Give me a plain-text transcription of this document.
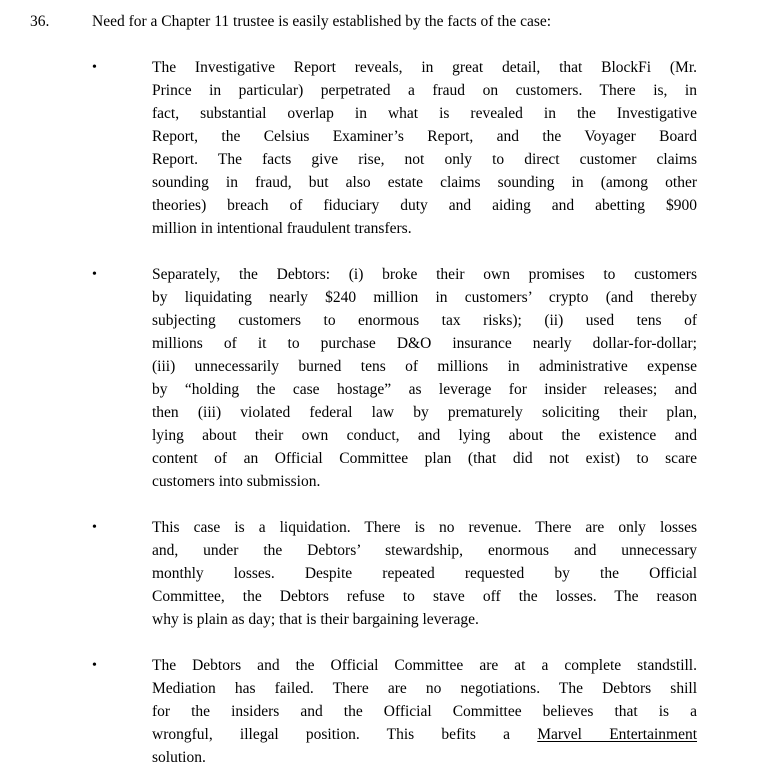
36.	Need for a Chapter 11 trustee is easily established by the facts of the case:
•	The Investigative Report reveals, in great detail, that BlockFi (Mr.
Prince in particular) perpetrated a fraud on customers. There is, in
fact, substantial overlap in what is revealed in the Investigative
Report, the Celsius Examiner’s Report, and the Voyager Board
Report. The facts give rise, not only to direct customer claims
sounding in fraud, but also estate claims sounding in (among other
theories) breach of fiduciary duty and aiding and abetting $900
million in intentional fraudulent transfers.
•	Separately, the Debtors: (i) broke their own promises to customers
by liquidating nearly $240 million in customers’ crypto (and thereby
subjecting customers to enormous tax risks); (ii) used tens of
millions of it to purchase D&O insurance nearly dollar-for-dollar;
(iii) unnecessarily burned tens of millions in administrative expense
by “holding the case hostage” as leverage for insider releases; and
then (iii) violated federal law by prematurely soliciting their plan,
lying about their own conduct, and lying about the existence and
content of an Official Committee plan (that did not exist) to scare
customers into submission.
•	This case is a liquidation. There is no revenue. There are only losses
and, under the Debtors’ stewardship, enormous and unnecessary
monthly losses. Despite repeated requested by the Official
Committee, the Debtors refuse to stave off the losses. The reason
why is plain as day; that is their bargaining leverage.
•	The Debtors and the Official Committee are at a complete standstill.
Mediation has failed. There are no negotiations. The Debtors shill
for the insiders and the Official Committee believes that is a
wrongful, illegal position. This befits a Marvel Entertainment
solution.
